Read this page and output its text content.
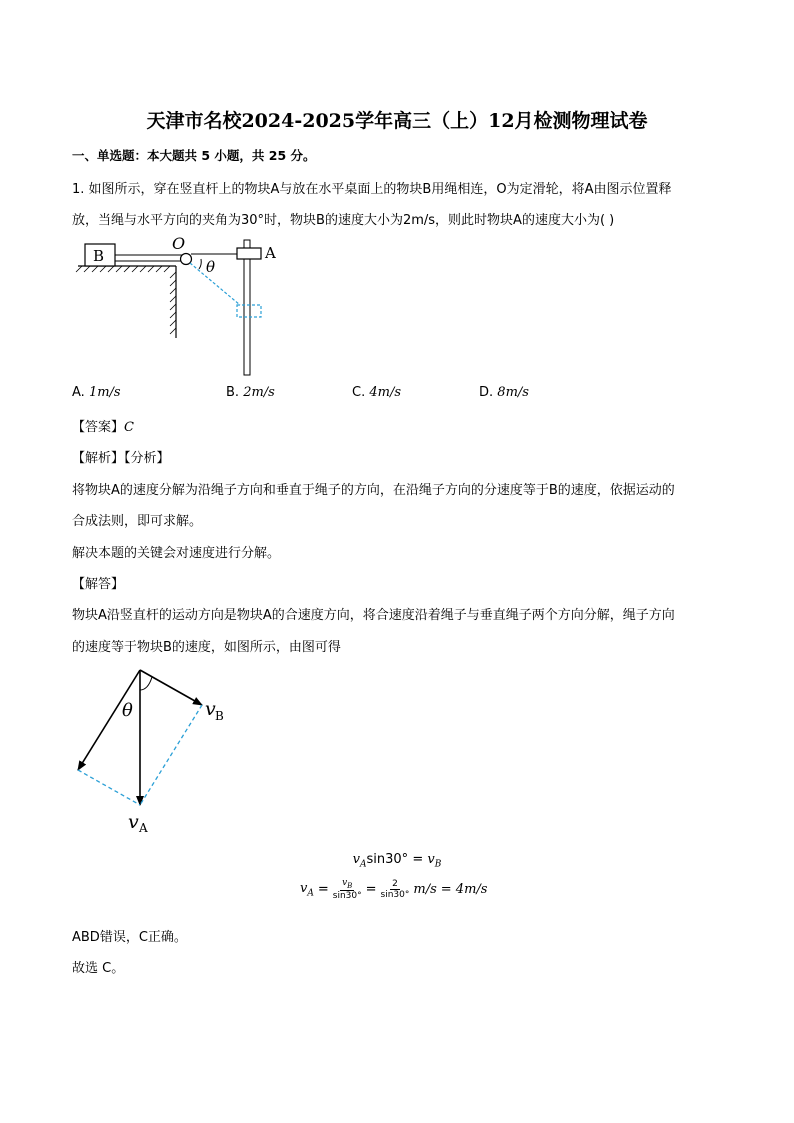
天津市名校2024-2025学年高三（上）12月检测物理试卷
一、单选题：本大题共 5 小题，共 25 分。
1. 如图所示，穿在竖直杆上的物块A与放在水平桌面上的物块B用绳相连，O为定滑轮，将A由图示位置释
放，当绳与水平方向的夹角为30°时，物块B的速度大小为2m/s，则此时物块A的速度大小为( )
B
O	A
θ
A. 1m/s	B. 2m/s	C. 4m/s	D. 8m/s
【答案】C
【解析】【分析】
将物块A的速度分解为沿绳子方向和垂直于绳子的方向，在沿绳子方向的分速度等于B的速度，依据运动的
合成法则，即可求解。
解决本题的关键会对速度进行分解。
【解答】
物块A沿竖直杆的运动方向是物块A的合速度方向，将合速度沿着绳子与垂直绳子两个方向分解，绳子方向
的速度等于物块B的速度，如图所示，由图可得
θ	v B
v A
$v_A\sin 30^\circ = v_B$
$v_A = \frac{v_B}{\sin 30^\circ} = \frac{2}{\sin 30^\circ} m/s = 4m/s$
ABD错误，C正确。
故选 C。
